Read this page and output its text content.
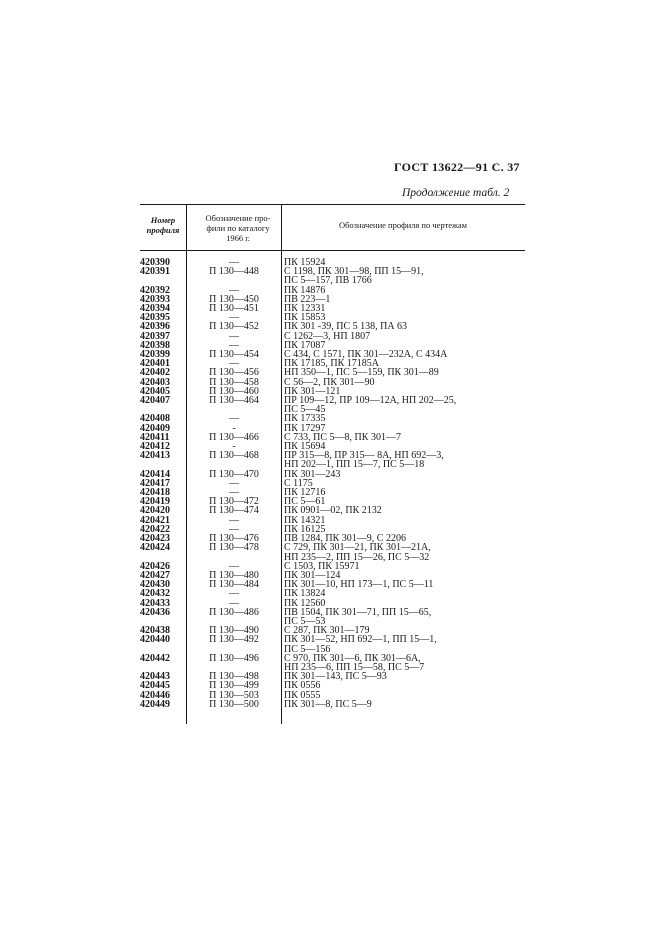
ГОСТ 13622—91 С. 37
Продолжение табл. 2
Номер
профиля
Обозначение про-
фили по каталогу
1966 г.
Обозначение профиля по чертежам
420390	—	ПК 15924
420391	П 130—448	С 1198, ПК 301—98, ПП 15—91,
ПС 5—157, ПВ 1766
420392	—	ПК 14876
420393	П 130—450	ПВ 223—1
420394	П 130—451	ПК 12331
420395	—	ПК 15853
420396	П 130—452	ПК 301 -39, ПС 5 138, ПА 63
420397	—	С 1262—3, НП 1807
420398	—	ПК 17087
420399	П 130—454	С 434, С 1571, ПК 301—232А, С 434А
420401	—	ПК 17185, ПК 17185А
420402	П 130—456	НП 350—1, ПС 5—159, ПК 301—89
420403	П 130—458	С 56—2, ПК 301—90
420405	П 130—460	ПК 301—121
420407	П 130—464	ПР 109—12, ПР 109—12А, НП 202—25,
ПС 5—45
420408	—	ПК 17335
420409	-	ПК 17297
420411	П 130—466	С 733, ПС 5—8, ПК 301—7
420412	-	ПК 15694
420413	П 130—468	ПР 315—8, ПР 315— 8А, НП 692—3,
НП 202—1, ПП 15—7, ПС 5—18
420414	П 130—470	ПК 301—243
420417	—	С 1175
420418	—	ПК 12716
420419	П 130—472	ПС 5—61
420420	П 130—474	ПК 0901—02, ПК 2132
420421	—	ПК 14321
420422	—	ПК 16125
420423	П 130—476	ПВ 1284, ПК 301—9, С 2206
420424	П 130—478	С 729, ПК 301—21, ПК 301—21А,
НП 235—2, ПП 15—26, ПС 5—32
420426	—	С 1503, ПК 15971
420427	П 130—480	ПК 301—124
420430	П 130—484	ПК 301—10, НП 173—1, ПС 5—11
420432	—	ПК 13824
420433	—	ПК 12560
420436	П 130—486	ПВ 1504, ПК 301—71, ПП 15—65,
ПС 5—53
420438	П 130—490	С 287, ПК 301—179
420440	П 130—492	ПК 301—52, НП 692—1, ПП 15—1,
ПС 5—156
420442	П 130—496	С 970, ПК 301—6, ПК 301—6А,
НП 235—6, ПП 15—58, ПС 5—7
420443	П 130—498	ПК 301—143, ПС 5—93
420445	П 130—499	ПК 0556
420446	П 130—503	ПК 0555
420449	П 130—500	ПК 301—8, ПС 5—9
